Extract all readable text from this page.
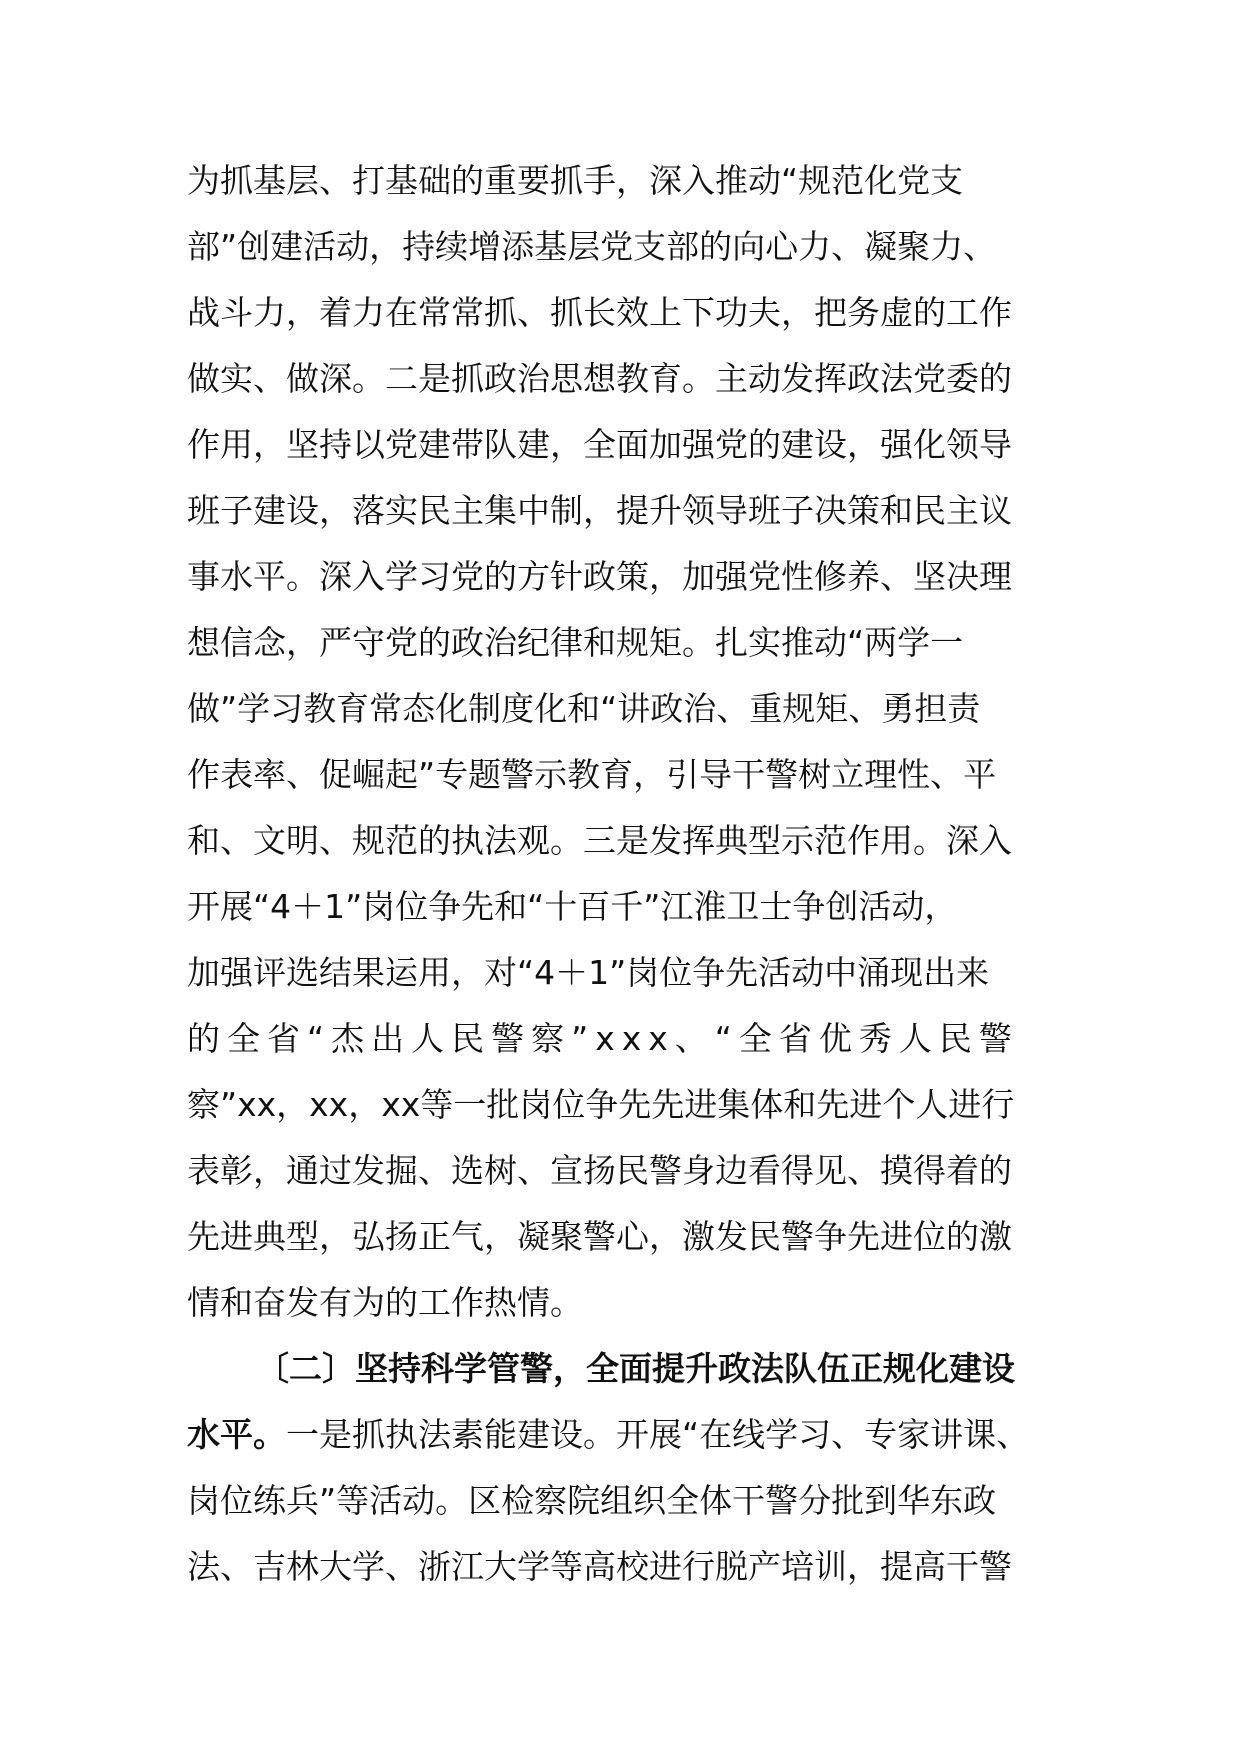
为抓基层、打基础的重要抓手，深入推动“规范化党支
部”创建活动，持续增添基层党支部的向心力、凝聚力、
战斗力，着力在常常抓、抓长效上下功夫，把务虚的工作
做实、做深。二是抓政治思想教育。主动发挥政法党委的
作用，坚持以党建带队建，全面加强党的建设，强化领导
班子建设，落实民主集中制，提升领导班子决策和民主议
事水平。深入学习党的方针政策，加强党性修养、坚决理
想信念，严守党的政治纪律和规矩。扎实推动“两学一
做”学习教育常态化制度化和“讲政治、重规矩、勇担责
作表率、促崛起”专题警示教育，引导干警树立理性、平
和、文明、规范的执法观。三是发挥典型示范作用。深入
开展“4＋1”岗位争先和“十百千”江淮卫士争创活动，
加强评选结果运用，对“4＋1”岗位争先活动中涌现出来
的全省“杰出人民警察”xxx、“全省优秀人民警
察”xx，xx，xx等一批岗位争先先进集体和先进个人进行
表彰，通过发掘、选树、宣扬民警身边看得见、摸得着的
先进典型，弘扬正气，凝聚警心，激发民警争先进位的激
情和奋发有为的工作热情。
〔二〕坚持科学管警，全面提升政法队伍正规化建设
水平。一是抓执法素能建设。开展“在线学习、专家讲课、
岗位练兵”等活动。区检察院组织全体干警分批到华东政
法、吉林大学、浙江大学等高校进行脱产培训，提高干警
